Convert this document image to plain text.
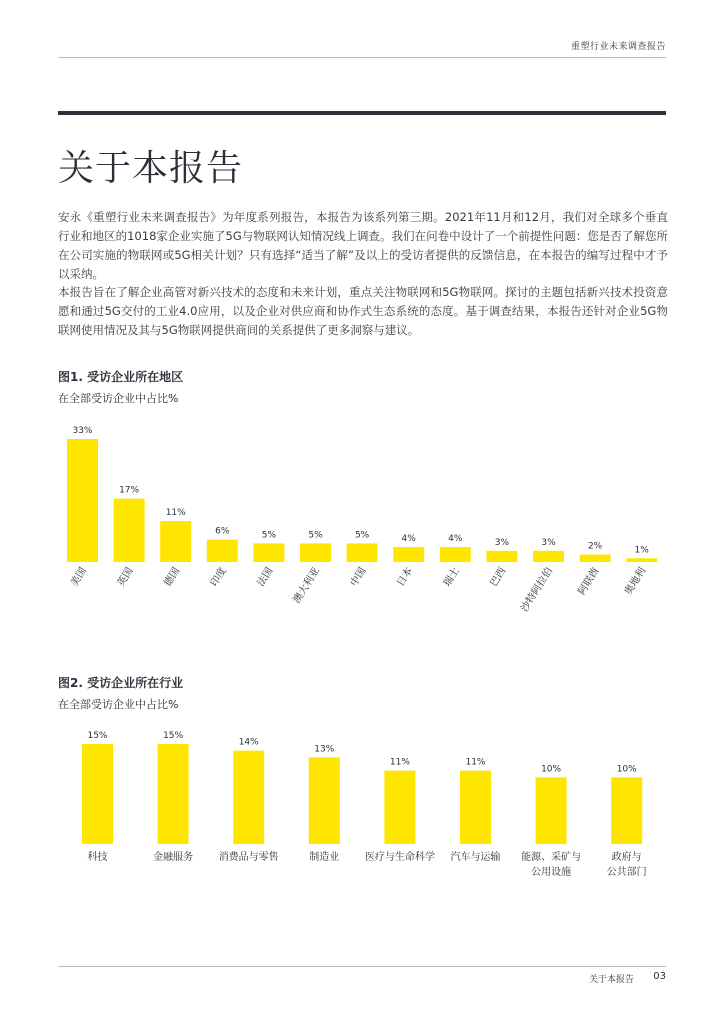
重塑行业未来调查报告
关于本报告

安永《重塑行业未来调查报告》为年度系列报告，本报告为该系列第三期。2021年11月和12月，我们对全球多个垂直行业和地区的1018家企业实施了5G与物联网认知情况线上调查。我们在问卷中设计了一个前提性问题：您是否了解您所在公司实施的物联网或5G相关计划？只有选择“适当了解”及以上的受访者提供的反馈信息，在本报告的编写过程中才予以采纳。

本报告旨在了解企业高管对新兴技术的态度和未来计划，重点关注物联网和5G物联网。探讨的主题包括新兴技术投资意愿和通过5G交付的工业4.0应用，以及企业对供应商和协作式生态系统的态度。基于调查结果，本报告还针对企业5G物联网使用情况及其与5G物联网提供商间的关系提供了更多洞察与建议。

图1. 受访企业所在地区
在全部受访企业中占比%
33%
美国
17%
英国
11%
德国
6%
印度
5%
法国
5%
澳大利亚
5%
中国
4%
日本
4%
瑞士
3%
巴西
3%
沙特阿拉伯
2%
阿联酋
1%
奥地利
图2. 受访企业所在行业
在全部受访企业中占比%
15%
科技
15%
金融服务
14%
消费品与零售
13%
制造业
11%
医疗与生命科学
11%
汽车与运输
10%
能源、采矿与
公用设施
10%
政府与
公共部门
关于本报告 03
